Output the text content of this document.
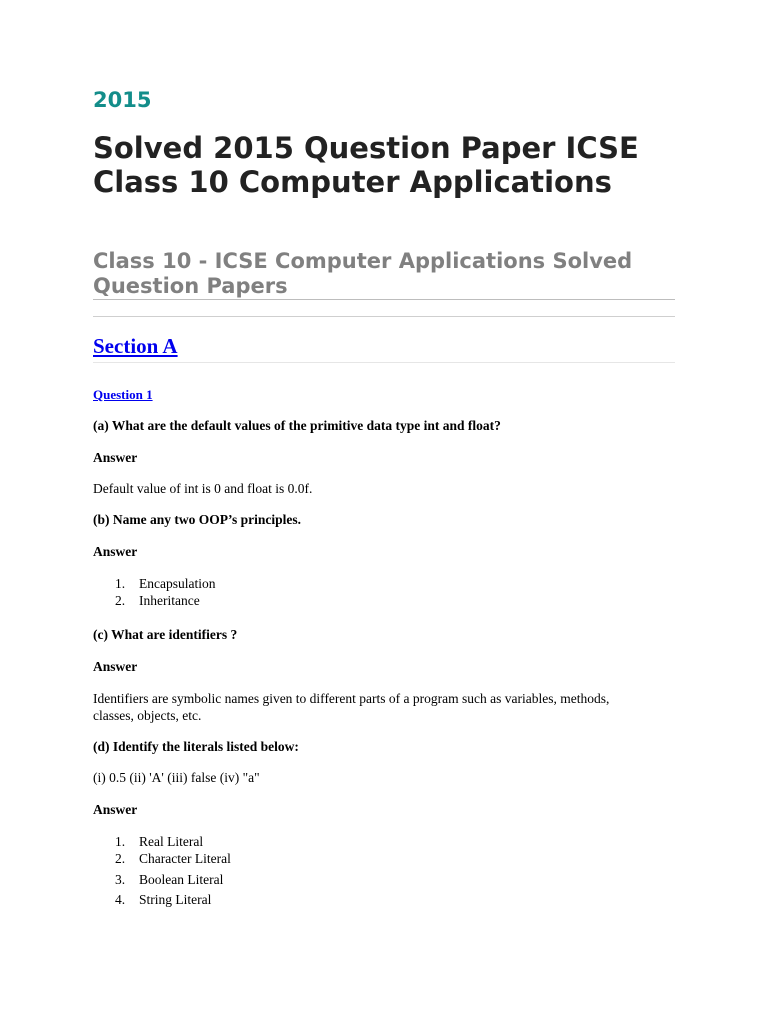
2015
Solved 2015 Question Paper ICSE Class 10 Computer Applications
Class 10 - ICSE Computer Applications Solved Question Papers
Section A
Question 1

(a) What are the default values of the primitive data type int and float?

Answer

Default value of int is 0 and float is 0.0f.

(b) Name any two OOP’s principles.

Answer

1. Encapsulation
2. Inheritance

(c) What are identifiers ?

Answer

Identifiers are symbolic names given to different parts of a program such as variables, methods, classes, objects, etc.

(d) Identify the literals listed below:

(i) 0.5 (ii) 'A' (iii) false (iv) "a"

Answer

1. Real Literal
2. Character Literal
3. Boolean Literal
4. String Literal
